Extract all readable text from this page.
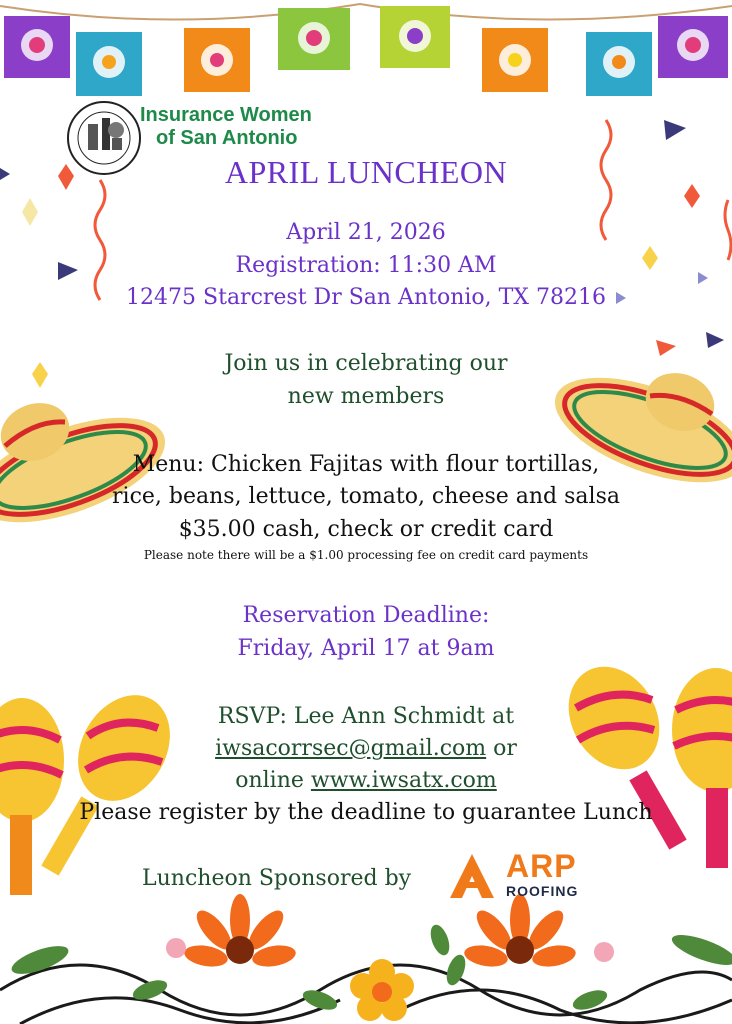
Insurance Women
of San Antonio
APRIL LUNCHEON
April 21, 2026
Registration: 11:30 AM
12475 Starcrest Dr San Antonio, TX 78216
Join us in celebrating our
new members
Menu: Chicken Fajitas with flour tortillas,
rice, beans, lettuce, tomato, cheese and salsa
$35.00 cash, check or credit card
Please note there will be a $1.00 processing fee on credit card payments
Reservation Deadline:
Friday, April 17 at 9am
RSVP: Lee Ann Schmidt at
iwsacorrsec@gmail.com or
online www.iwsatx.com
Please register by the deadline to guarantee Lunch
Luncheon Sponsored by	ARP
ROOFING
